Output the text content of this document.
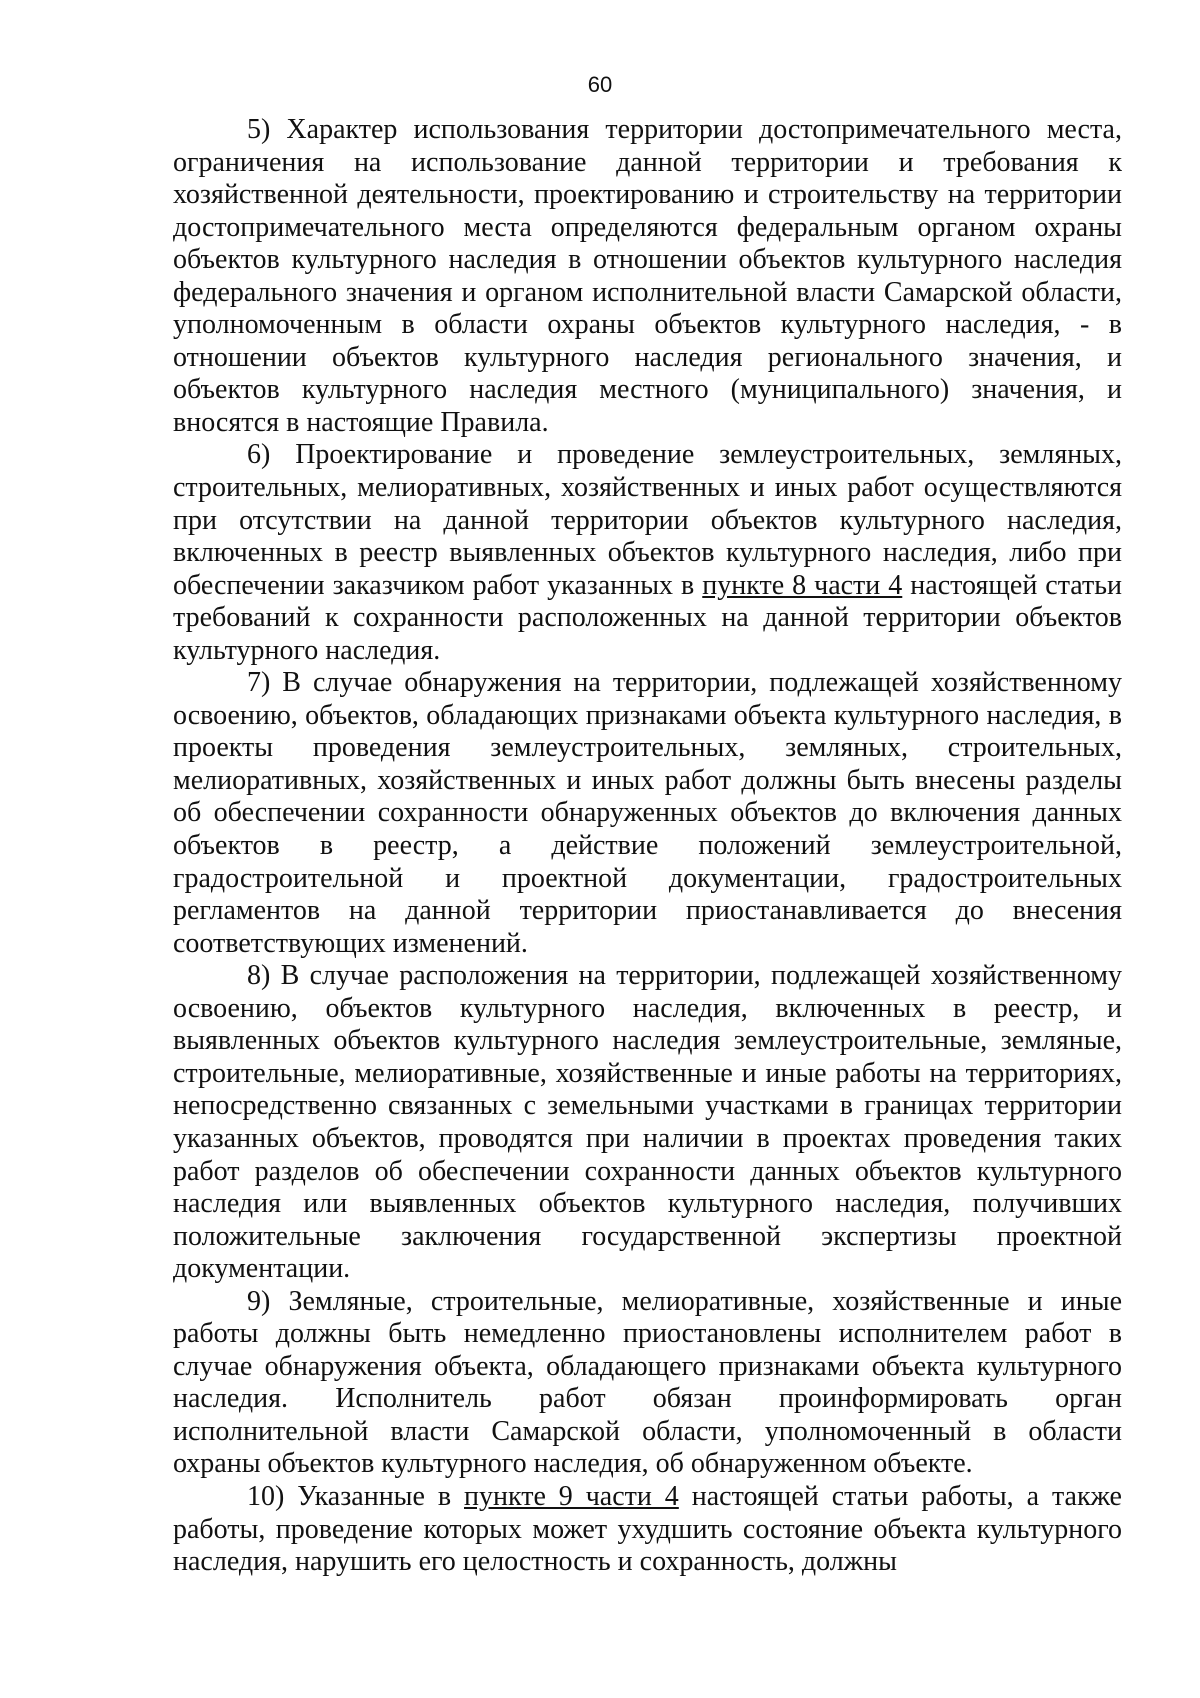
60

5) Характер использования территории достопримечательного места, ограничения на использование данной территории и требования к хозяйственной деятельности, проектированию и строительству на территории достопримечательного места определяются федеральным органом охраны объектов культурного наследия в отношении объектов культурного наследия федерального значения и органом исполнительной власти Самарской области, уполномоченным в области охраны объектов культурного наследия, - в отношении объектов культурного наследия регионального значения, и объектов культурного наследия местного (муниципального) значения, и вносятся в настоящие Правила.

6) Проектирование и проведение землеустроительных, земляных, строительных, мелиоративных, хозяйственных и иных работ осуществляются при отсутствии на данной территории объектов культурного наследия, включенных в реестр выявленных объектов культурного наследия, либо при обеспечении заказчиком работ указанных в пункте 8 части 4 настоящей статьи требований к сохранности расположенных на данной территории объектов культурного наследия.

7) В случае обнаружения на территории, подлежащей хозяйственному освоению, объектов, обладающих признаками объекта культурного наследия, в проекты проведения землеустроительных, земляных, строительных, мелиоративных, хозяйственных и иных работ должны быть внесены разделы об обеспечении сохранности обнаруженных объектов до включения данных объектов в реестр, а действие положений землеустроительной, градостроительной и проектной документации, градостроительных регламентов на данной территории приостанавливается до внесения соответствующих изменений.

8) В случае расположения на территории, подлежащей хозяйственному освоению, объектов культурного наследия, включенных в реестр, и выявленных объектов культурного наследия землеустроительные, земляные, строительные, мелиоративные, хозяйственные и иные работы на территориях, непосредственно связанных с земельными участками в границах территории указанных объектов, проводятся при наличии в проектах проведения таких работ разделов об обеспечении сохранности данных объектов культурного наследия или выявленных объектов культурного наследия, получивших положительные заключения государственной экспертизы проектной документации.

9) Земляные, строительные, мелиоративные, хозяйственные и иные работы должны быть немедленно приостановлены исполнителем работ в случае обнаружения объекта, обладающего признаками объекта культурного наследия. Исполнитель работ обязан проинформировать орган исполнительной власти Самарской области, уполномоченный в области охраны объектов культурного наследия, об обнаруженном объекте.

10) Указанные в пункте 9 части 4 настоящей статьи работы, а также работы, проведение которых может ухудшить состояние объекта культурного наследия, нарушить его целостность и сохранность, должны
